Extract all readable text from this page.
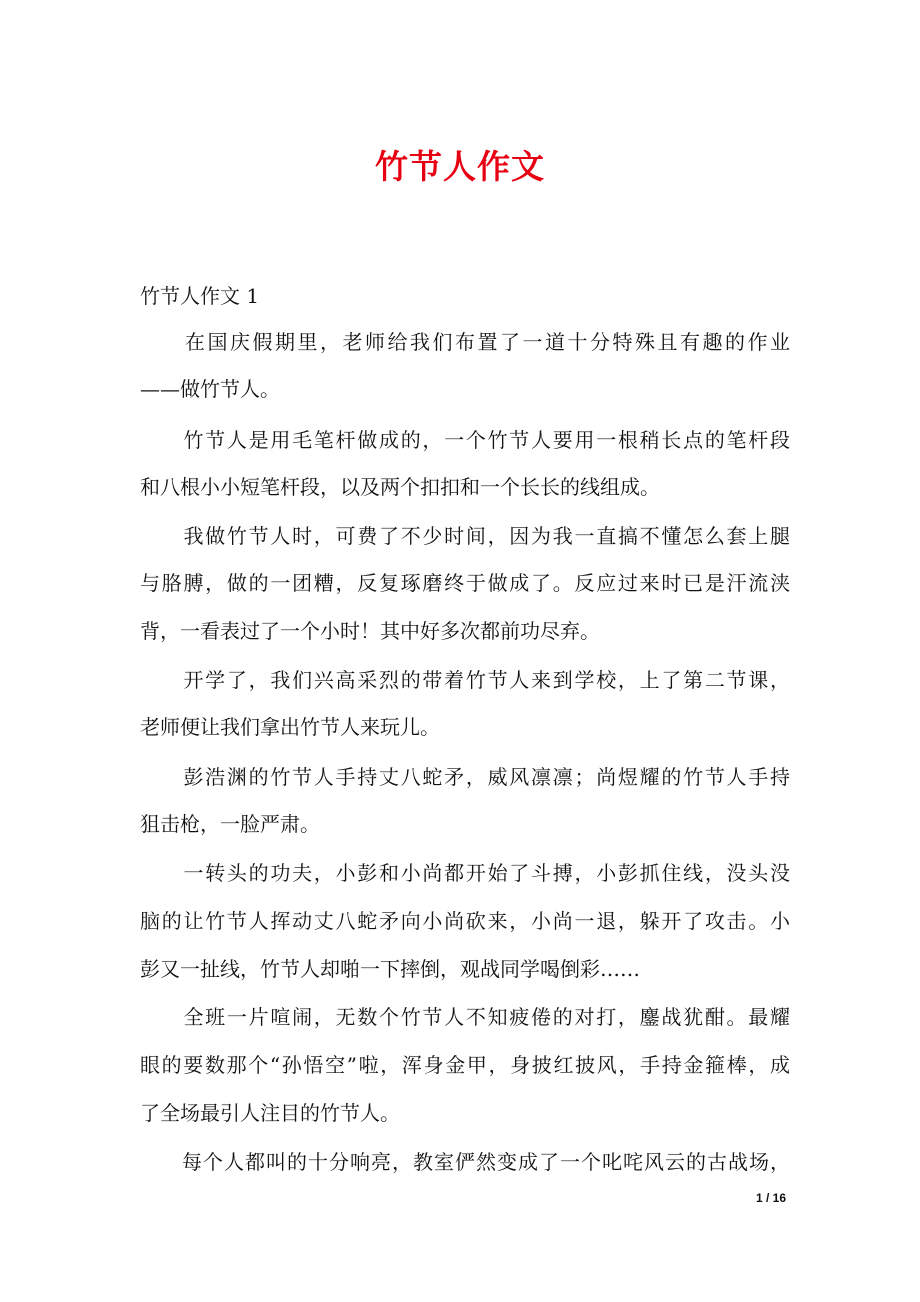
竹节人作文
竹节人作文 1
　　在国庆假期里，老师给我们布置了一道十分特殊且有趣的作业
——做竹节人。
　　竹节人是用毛笔杆做成的，一个竹节人要用一根稍长点的笔杆段
和八根小小短笔杆段，以及两个扣扣和一个长长的线组成。
　　我做竹节人时，可费了不少时间，因为我一直搞不懂怎么套上腿
与胳膊，做的一团糟，反复琢磨终于做成了。反应过来时已是汗流浃
背，一看表过了一个小时！其中好多次都前功尽弃。
　　开学了，我们兴高采烈的带着竹节人来到学校，上了第二节课，
老师便让我们拿出竹节人来玩儿。
　　彭浩渊的竹节人手持丈八蛇矛，威风凛凛；尚煜耀的竹节人手持
狙击枪，一脸严肃。
　　一转头的功夫，小彭和小尚都开始了斗搏，小彭抓住线，没头没
脑的让竹节人挥动丈八蛇矛向小尚砍来，小尚一退，躲开了攻击。小
彭又一扯线，竹节人却啪一下摔倒，观战同学喝倒彩……
　　全班一片喧闹，无数个竹节人不知疲倦的对打，鏖战犹酣。最耀
眼的要数那个“孙悟空”啦，浑身金甲，身披红披风，手持金箍棒，成
了全场最引人注目的竹节人。
　　每个人都叫的十分响亮，教室俨然变成了一个叱咤风云的古战场，
1 / 16
